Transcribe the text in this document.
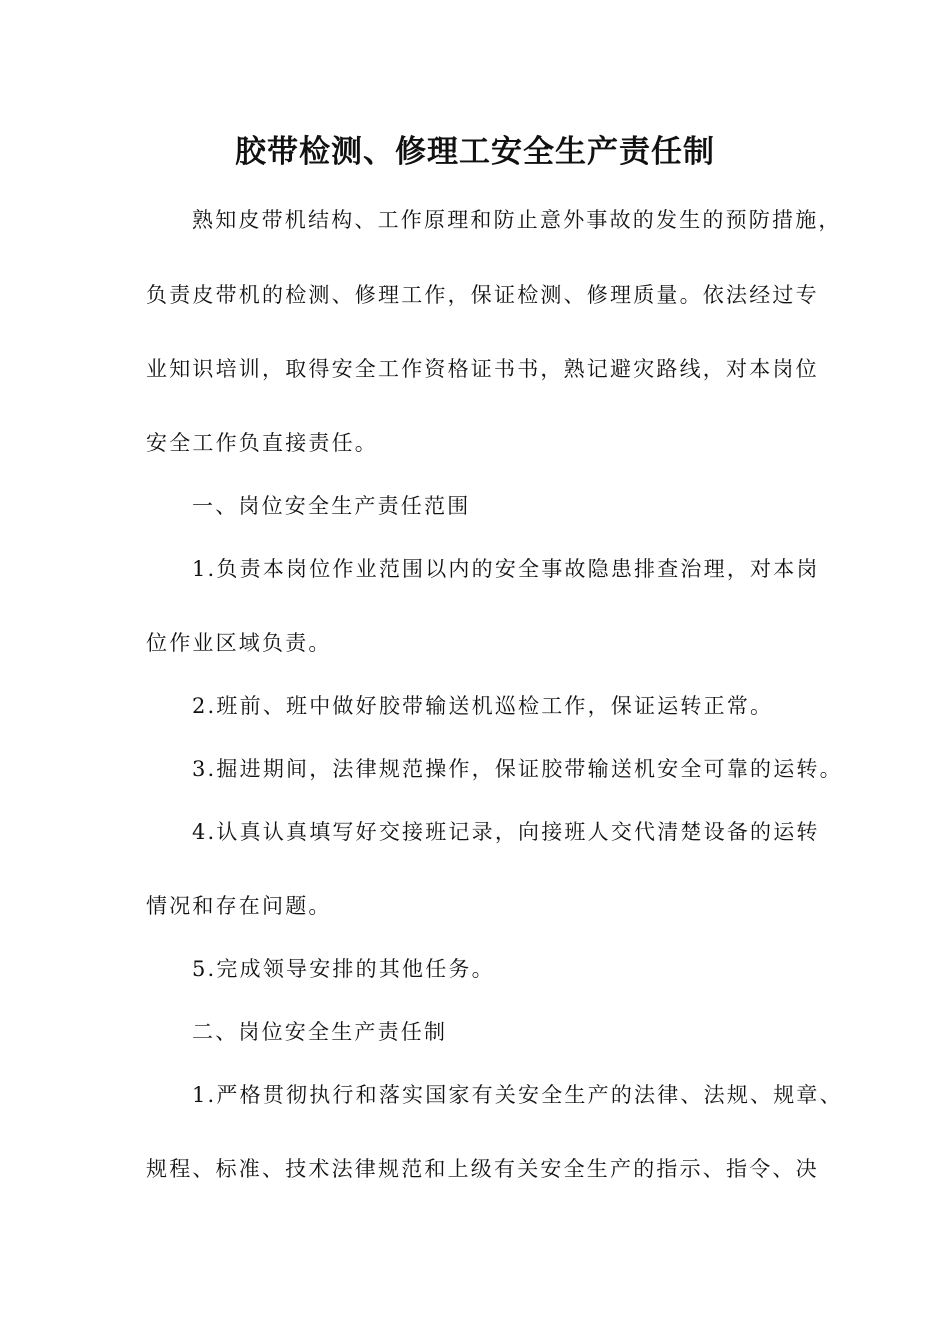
胶带检测、修理工安全生产责任制
熟知皮带机结构、工作原理和防止意外事故的发生的预防措施，
负责皮带机的检测、修理工作，保证检测、修理质量。依法经过专
业知识培训，取得安全工作资格证书书，熟记避灾路线，对本岗位
安全工作负直接责任。
一、岗位安全生产责任范围
1.负责本岗位作业范围以内的安全事故隐患排查治理，对本岗
位作业区域负责。
2.班前、班中做好胶带输送机巡检工作，保证运转正常。
3.掘进期间，法律规范操作，保证胶带输送机安全可靠的运转。
4.认真认真填写好交接班记录，向接班人交代清楚设备的运转
情况和存在问题。
5.完成领导安排的其他任务。
二、岗位安全生产责任制
1.严格贯彻执行和落实国家有关安全生产的法律、法规、规章、
规程、标准、技术法律规范和上级有关安全生产的指示、指令、决
